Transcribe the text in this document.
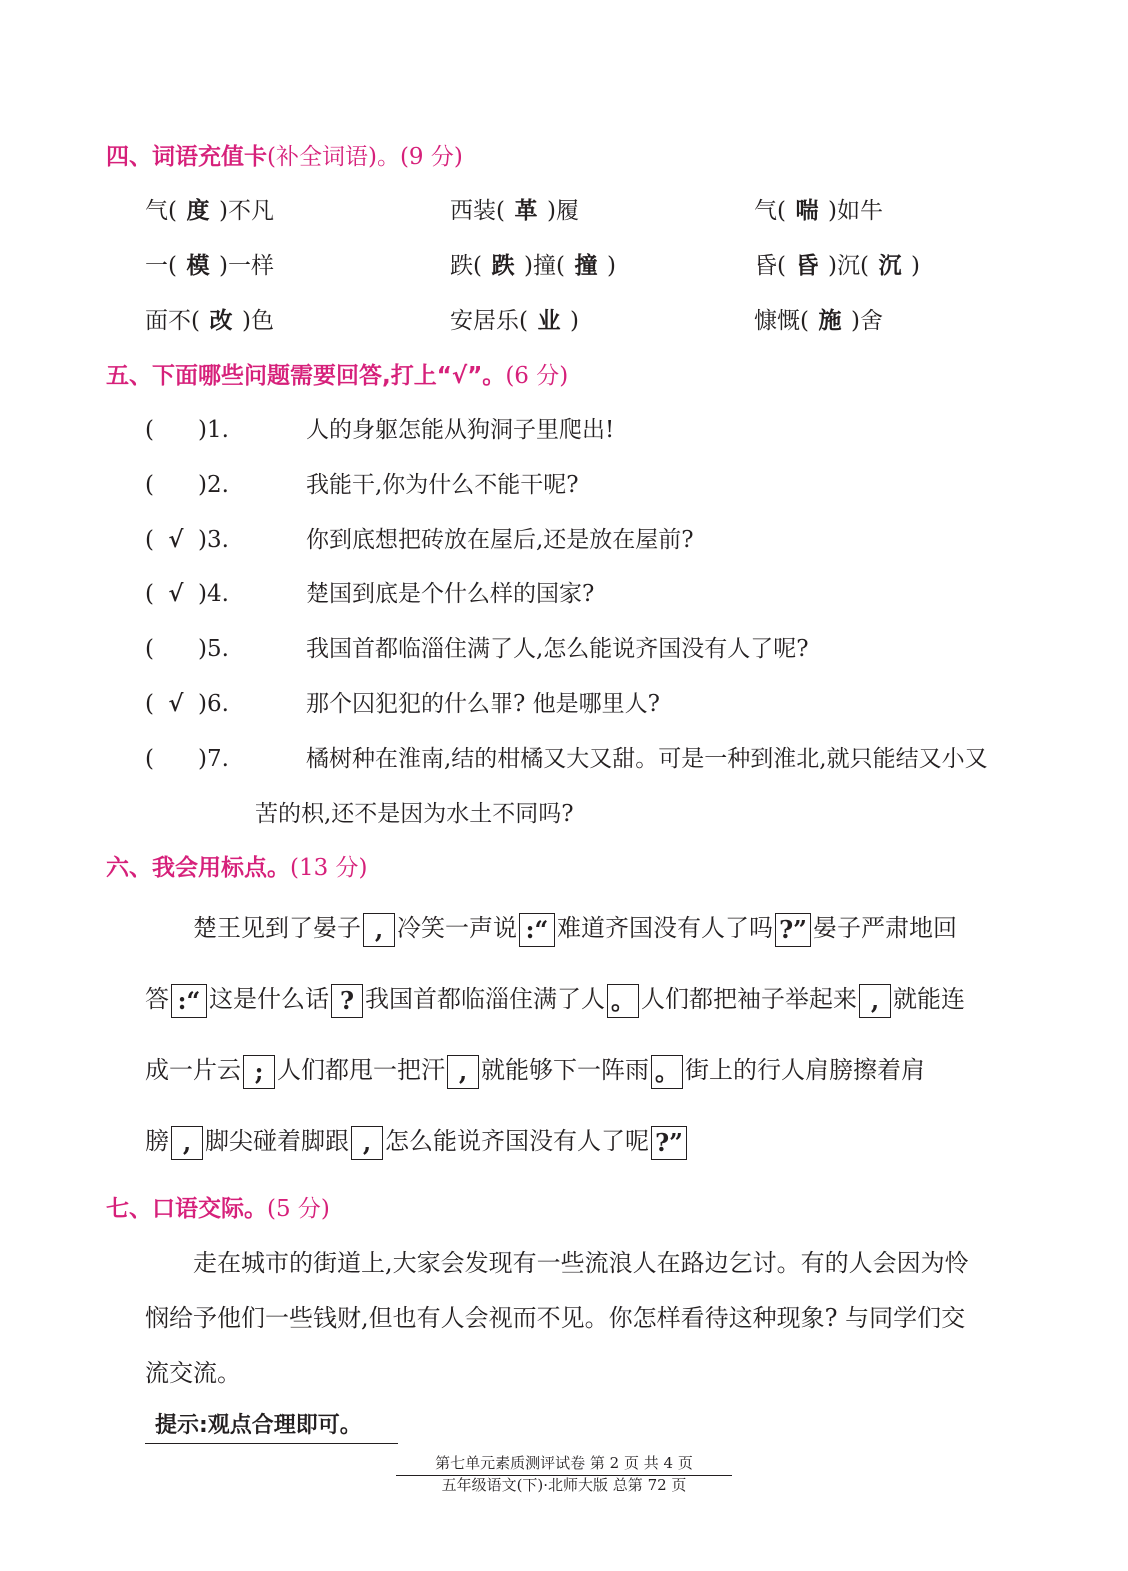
四、词语充值卡(补全词语)。(9 分)
气( 度 )不凡	西装( 革 )履	气( 喘 )如牛
一( 模 )一样	跌( 跌 )撞( 撞 )	昏( 昏 )沉( 沉 )
面不( 改 )色	安居乐( 业 )	慷慨( 施 )舍
五、下面哪些问题需要回答,打上“√”。(6 分)
( )1.	人的身躯怎能从狗洞子里爬出!
( )2.	我能干,你为什么不能干呢?
( √ )3.	你到底想把砖放在屋后,还是放在屋前?
( √ )4.	楚国到底是个什么样的国家?
( )5.	我国首都临淄住满了人,怎么能说齐国没有人了呢?
( √ )6.	那个囚犯犯的什么罪? 他是哪里人?
( )7.	橘树种在淮南,结的柑橘又大又甜。可是一种到淮北,就只能结又小又
苦的枳,还不是因为水土不同吗?
六、我会用标点。(13 分)
楚王见到了晏子 , 冷笑一声说 :“ 难道齐国没有人了吗 ?” 晏子严肃地回
答 :“ 这是什么话 ? 我国首都临淄住满了人 。 人们都把袖子举起来 , 就能连
成一片云 ; 人们都甩一把汗 , 就能够下一阵雨 。 街上的行人肩膀擦着肩
膀 , 脚尖碰着脚跟 , 怎么能说齐国没有人了呢 ?”
七、口语交际。(5 分)
走在城市的街道上,大家会发现有一些流浪人在路边乞讨。有的人会因为怜
悯给予他们一些钱财,但也有人会视而不见。你怎样看待这种现象? 与同学们交
流交流。
提示:观点合理即可。
第七单元素质测评试卷 第 2 页 共 4 页
五年级语文(下)·北师大版 总第 72 页
